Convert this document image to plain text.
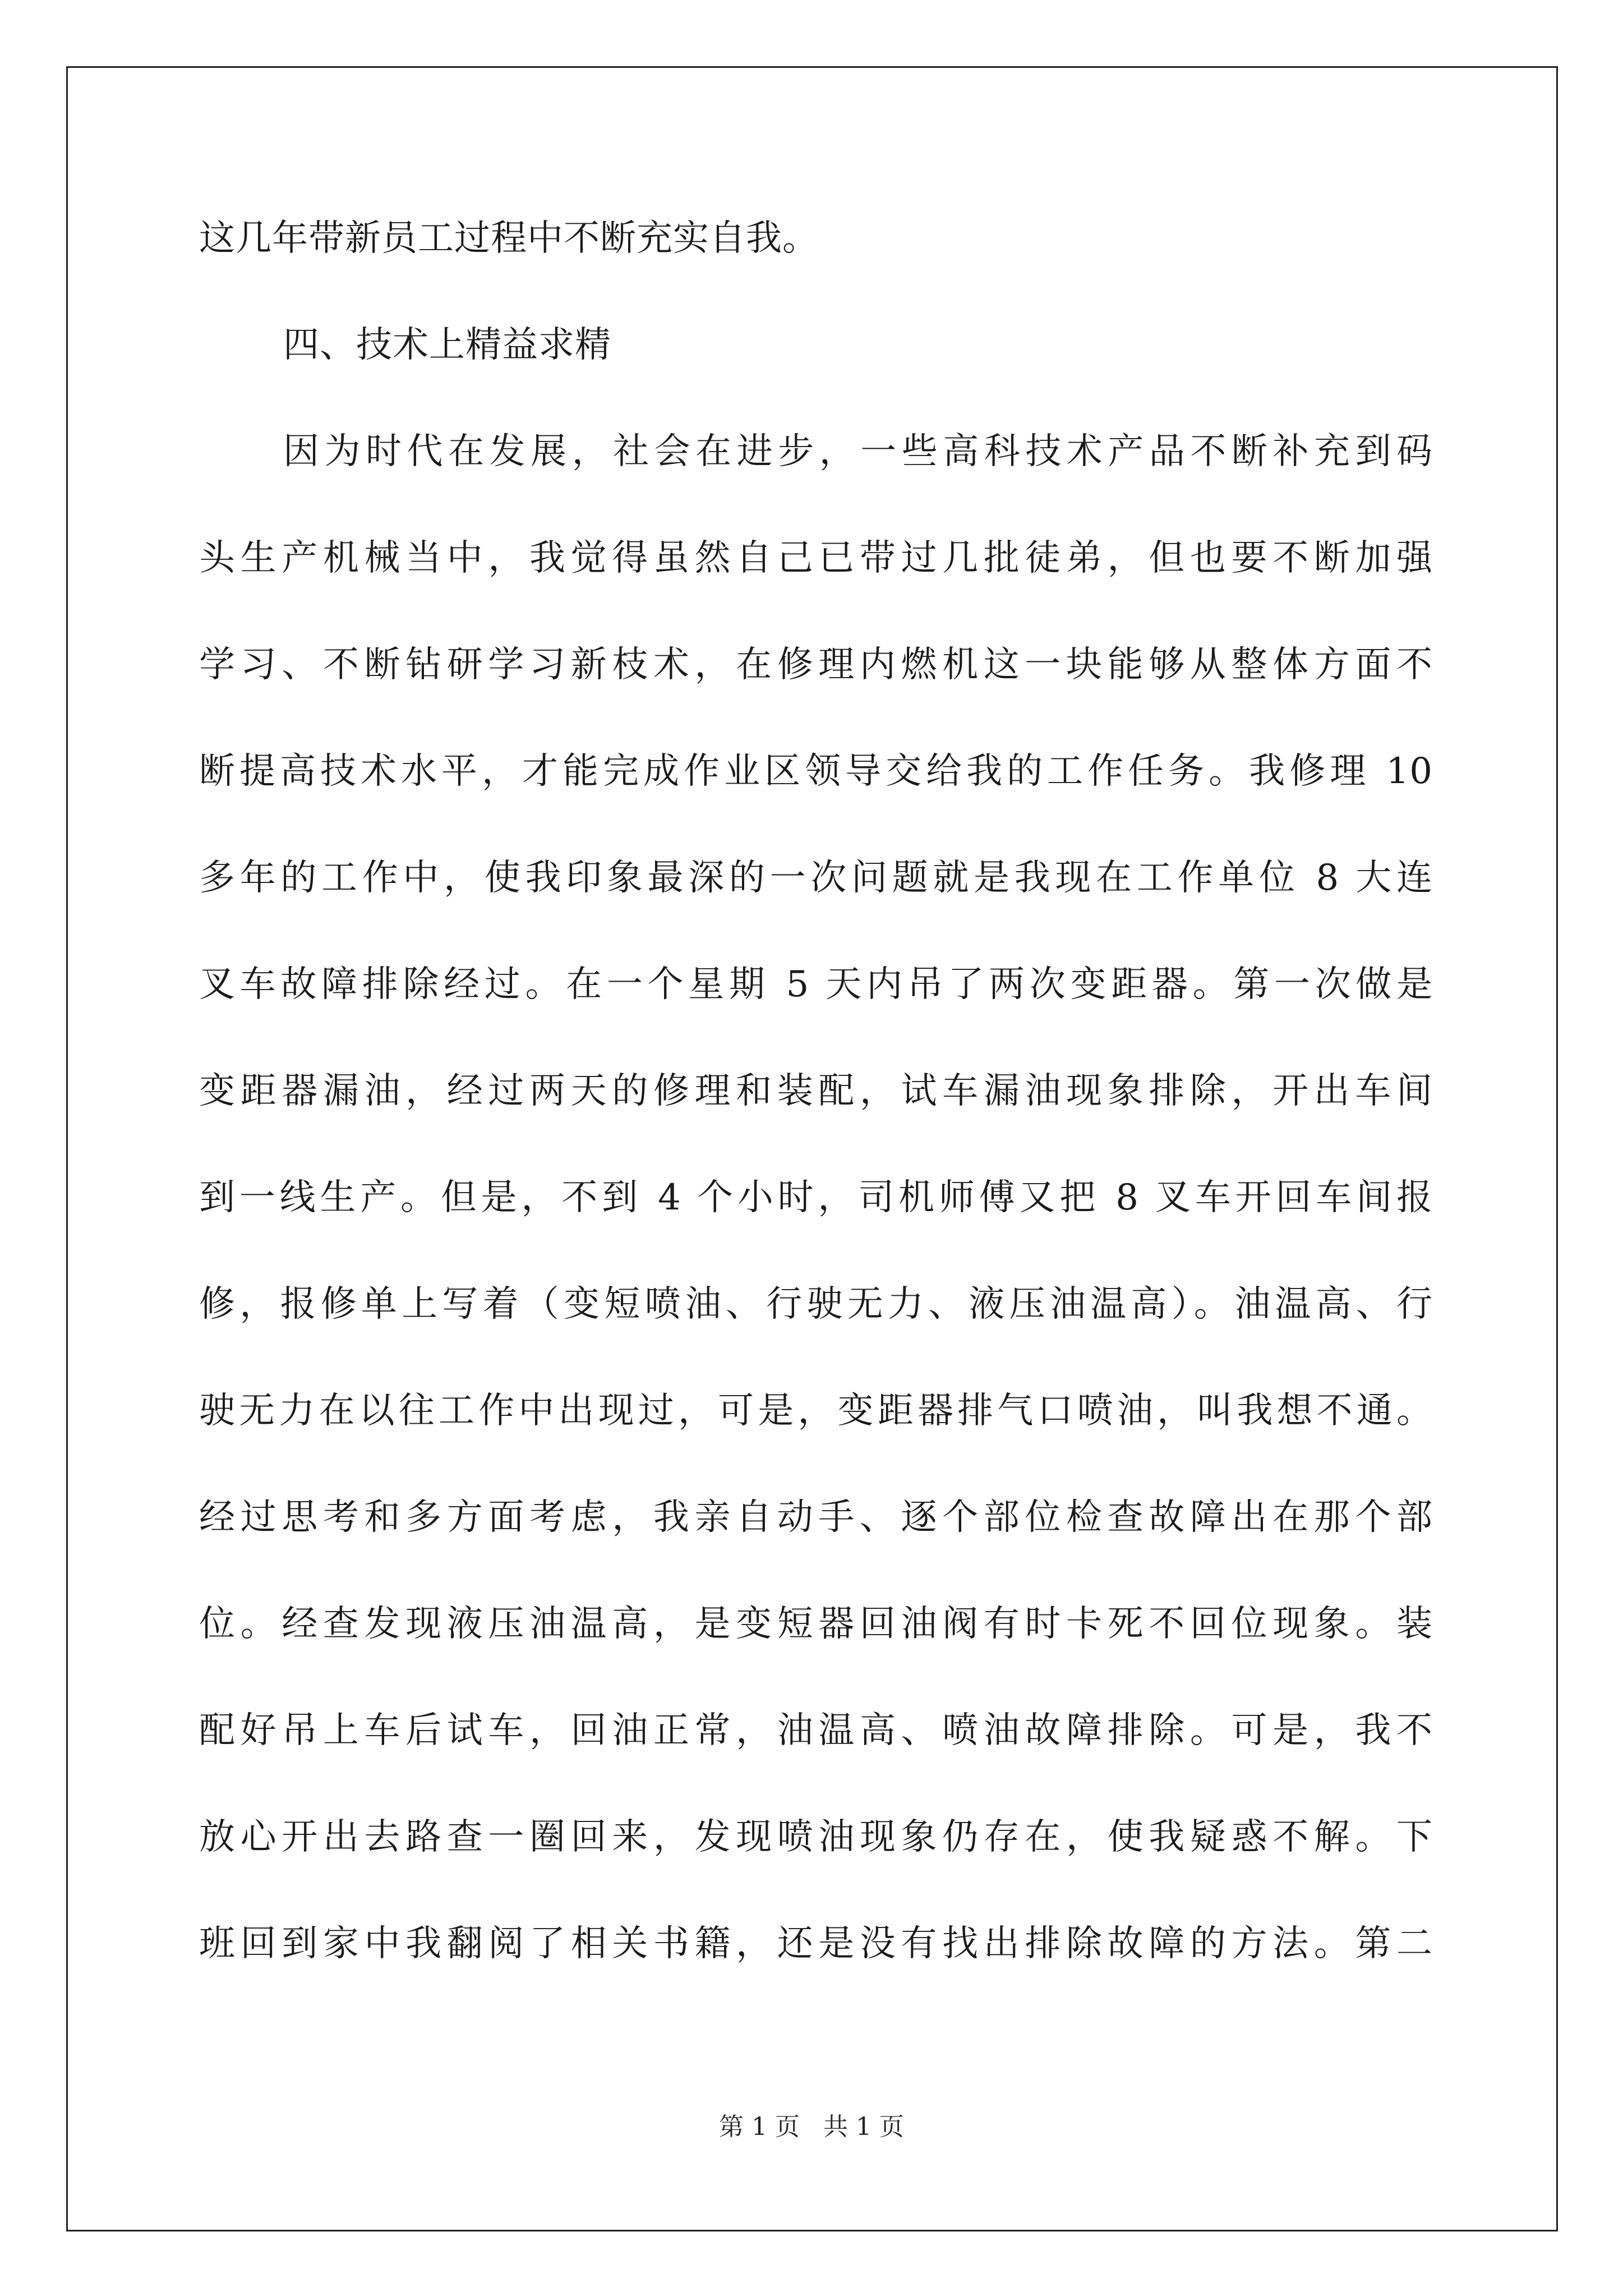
这几年带新员工过程中不断充实自我。
四、技术上精益求精
因为时代在发展，社会在进步，一些高科技术产品不断补充到码
头生产机械当中，我觉得虽然自己已带过几批徒弟，但也要不断加强
学习、不断钻研学习新枝术，在修理内燃机这一块能够从整体方面不
断提高技术水平，才能完成作业区领导交给我的工作任务。我修理 10
多年的工作中，使我印象最深的一次问题就是我现在工作单位 8 大连
叉车故障排除经过。在一个星期 5 天内吊了两次变距器。第一次做是
变距器漏油，经过两天的修理和装配，试车漏油现象排除，开出车间
到一线生产。但是，不到 4 个小时，司机师傅又把 8 叉车开回车间报
修，报修单上写着（变短喷油、行驶无力、液压油温高）。油温高、行
驶无力在以往工作中出现过，可是，变距器排气口喷油，叫我想不通。
经过思考和多方面考虑，我亲自动手、逐个部位检查故障出在那个部
位。经查发现液压油温高，是变短器回油阀有时卡死不回位现象。装
配好吊上车后试车，回油正常，油温高、喷油故障排除。可是，我不
放心开出去路查一圈回来，发现喷油现象仍存在，使我疑惑不解。下
班回到家中我翻阅了相关书籍，还是没有找出排除故障的方法。第二
第 1 页 共 1 页
